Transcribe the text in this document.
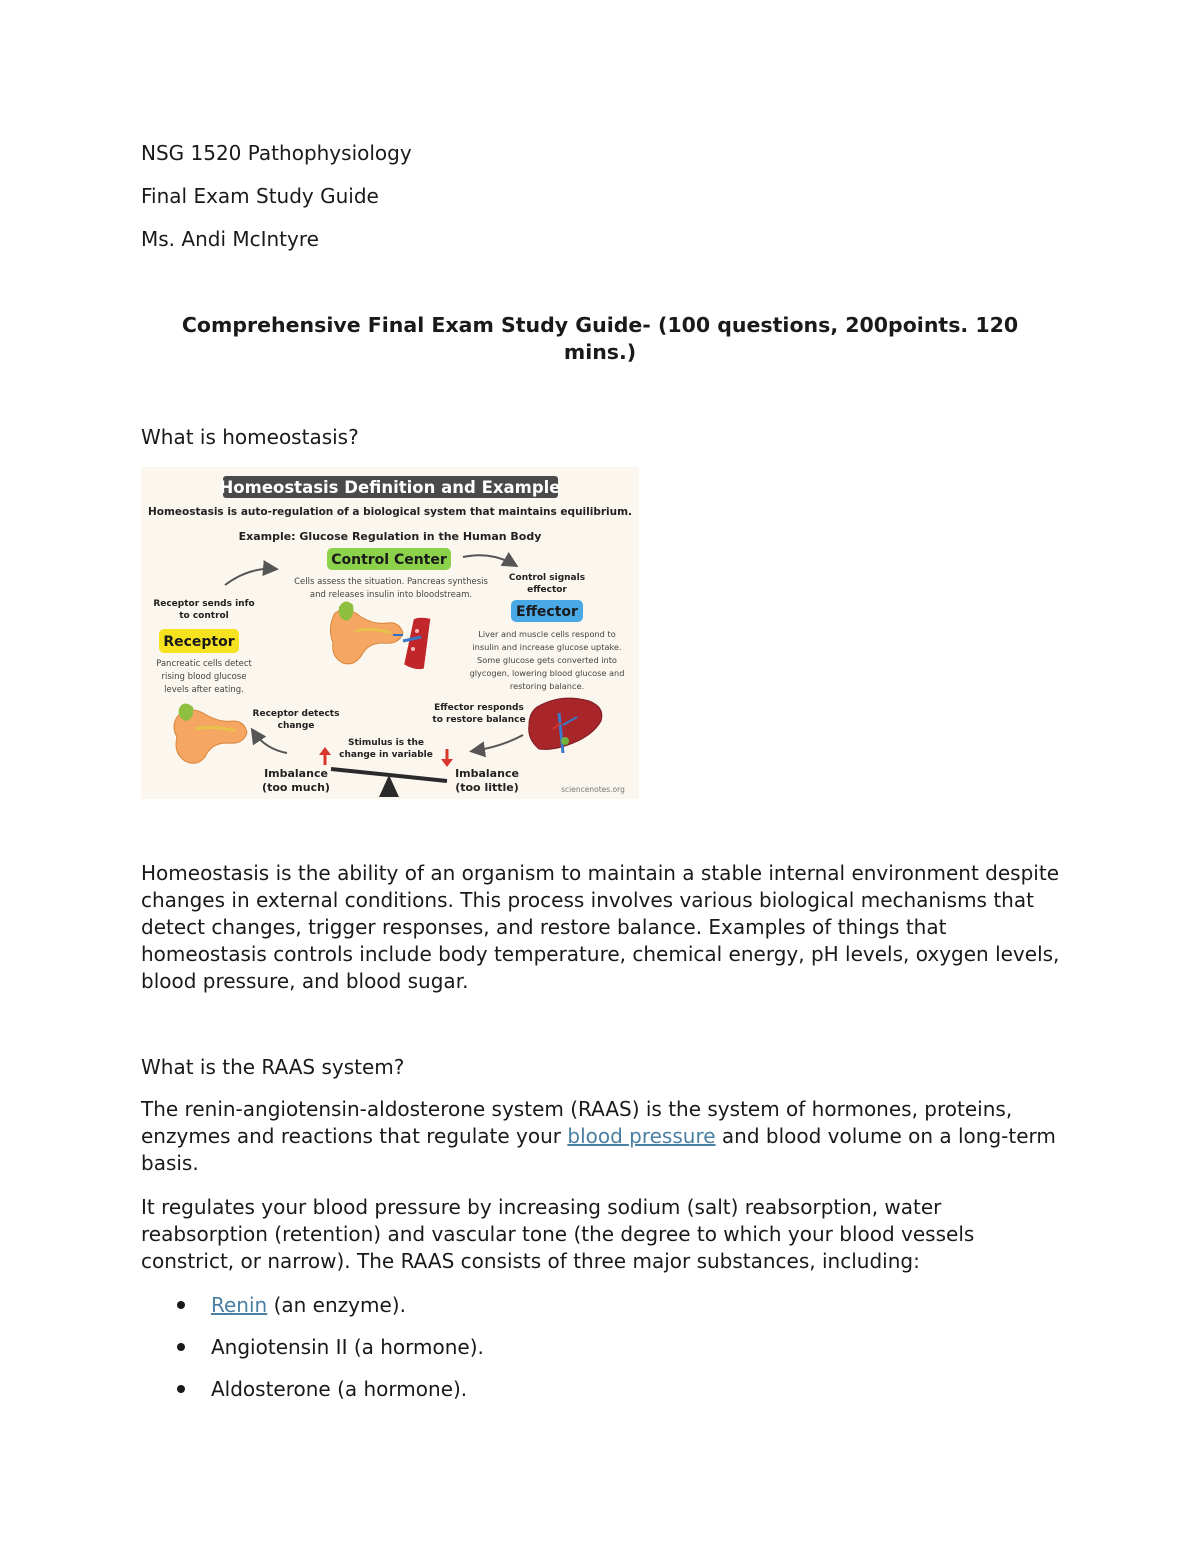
NSG 1520 Pathophysiology

Final Exam Study Guide

Ms. Andi McIntyre

Comprehensive Final Exam Study Guide- (100 questions, 200points. 120
mins.)

What is homeostasis?

Homeostasis Definition and Example
Homeostasis is auto-regulation of a biological system that maintains equilibrium.
Example: Glucose Regulation in the Human Body
Control Center
Cells assess the situation. Pancreas synthesis
and releases insulin into bloodstream.
Control signals
effector
Receptor sends info
to control	Effector
Liver and muscle cells respond to
insulin and increase glucose uptake.
Some glucose gets converted into
glycogen, lowering blood glucose and
restoring balance.
Receptor
Pancreatic cells detect
rising blood glucose
levels after eating.
Receptor detects
change
Effector responds
to restore balance
Stimulus is the
change in variable
Imbalance
(too much)
Imbalance
(too little)	sciencenotes.org

Homeostasis is the ability of an organism to maintain a stable internal environment despite changes in external conditions. This process involves various biological mechanisms that detect changes, trigger responses, and restore balance. Examples of things that homeostasis controls include body temperature, chemical energy, pH levels, oxygen levels, blood pressure, and blood sugar.

What is the RAAS system?

The renin-angiotensin-aldosterone system (RAAS) is the system of hormones, proteins, enzymes and reactions that regulate your blood pressure and blood volume on a long-term basis.

It regulates your blood pressure by increasing sodium (salt) reabsorption, water reabsorption (retention) and vascular tone (the degree to which your blood vessels constrict, or narrow). The RAAS consists of three major substances, including:

Renin (an enzyme).
Angiotensin II (a hormone).
Aldosterone (a hormone).
